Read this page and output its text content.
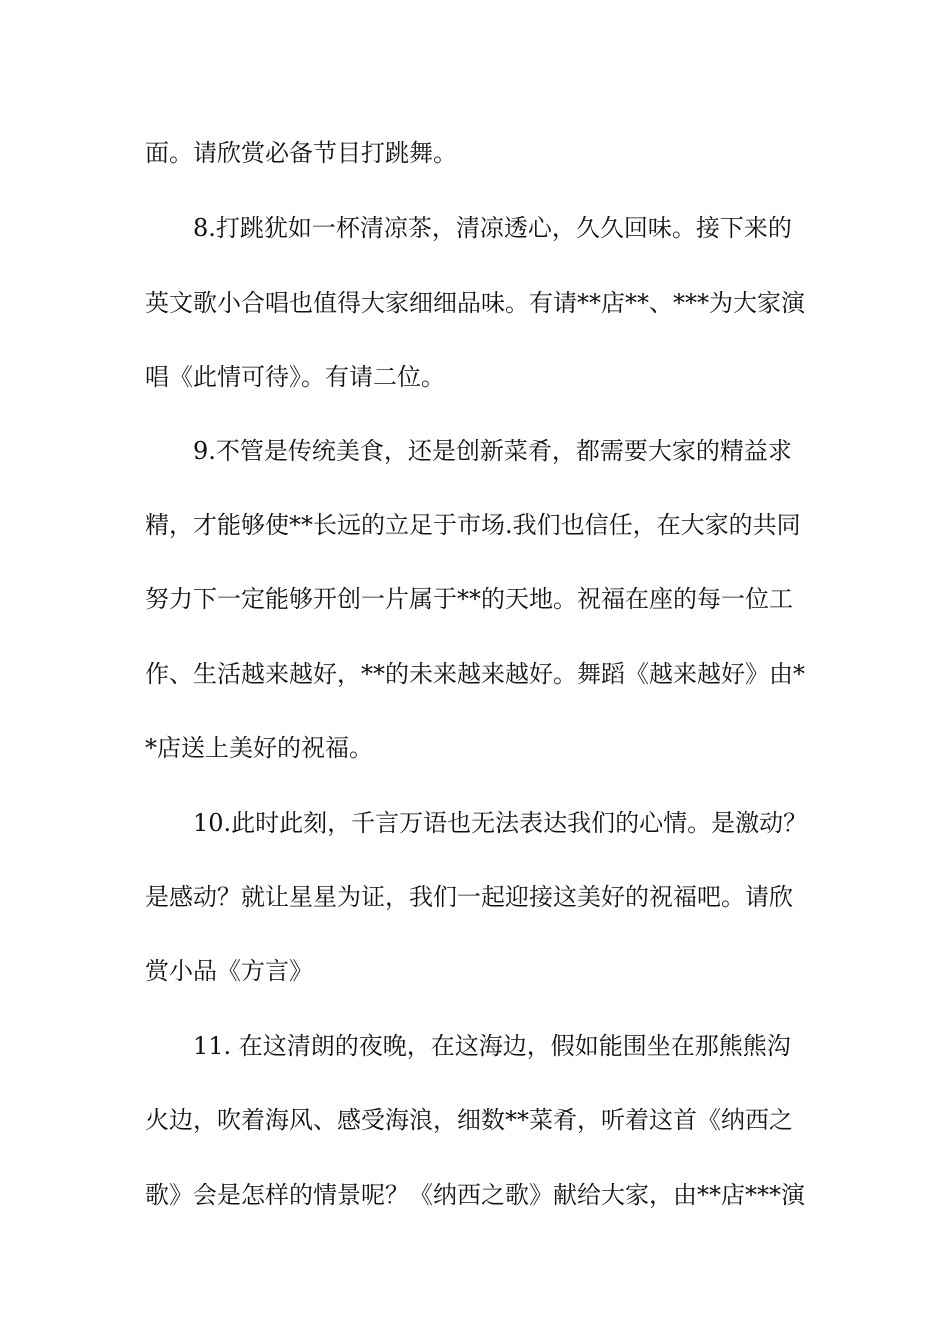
面。请欣赏必备节目打跳舞。
8.打跳犹如一杯清凉茶，清凉透心，久久回味。接下来的
英文歌小合唱也值得大家细细品味。有请**店**、***为大家演
唱《此情可待》。有请二位。
9.不管是传统美食，还是创新菜肴，都需要大家的精益求
精，才能够使**长远的立足于市场.我们也信任，在大家的共同
努力下一定能够开创一片属于**的天地。祝福在座的每一位工
作、生活越来越好，**的未来越来越好。舞蹈《越来越好》由*
*店送上美好的祝福。
10.此时此刻，千言万语也无法表达我们的心情。是激动？
是感动？就让星星为证，我们一起迎接这美好的祝福吧。请欣
赏小品《方言》
11. 在这清朗的夜晚，在这海边，假如能围坐在那熊熊沟
火边，吹着海风、感受海浪，细数**菜肴，听着这首《纳西之
歌》会是怎样的情景呢？《纳西之歌》献给大家，由**店***演
